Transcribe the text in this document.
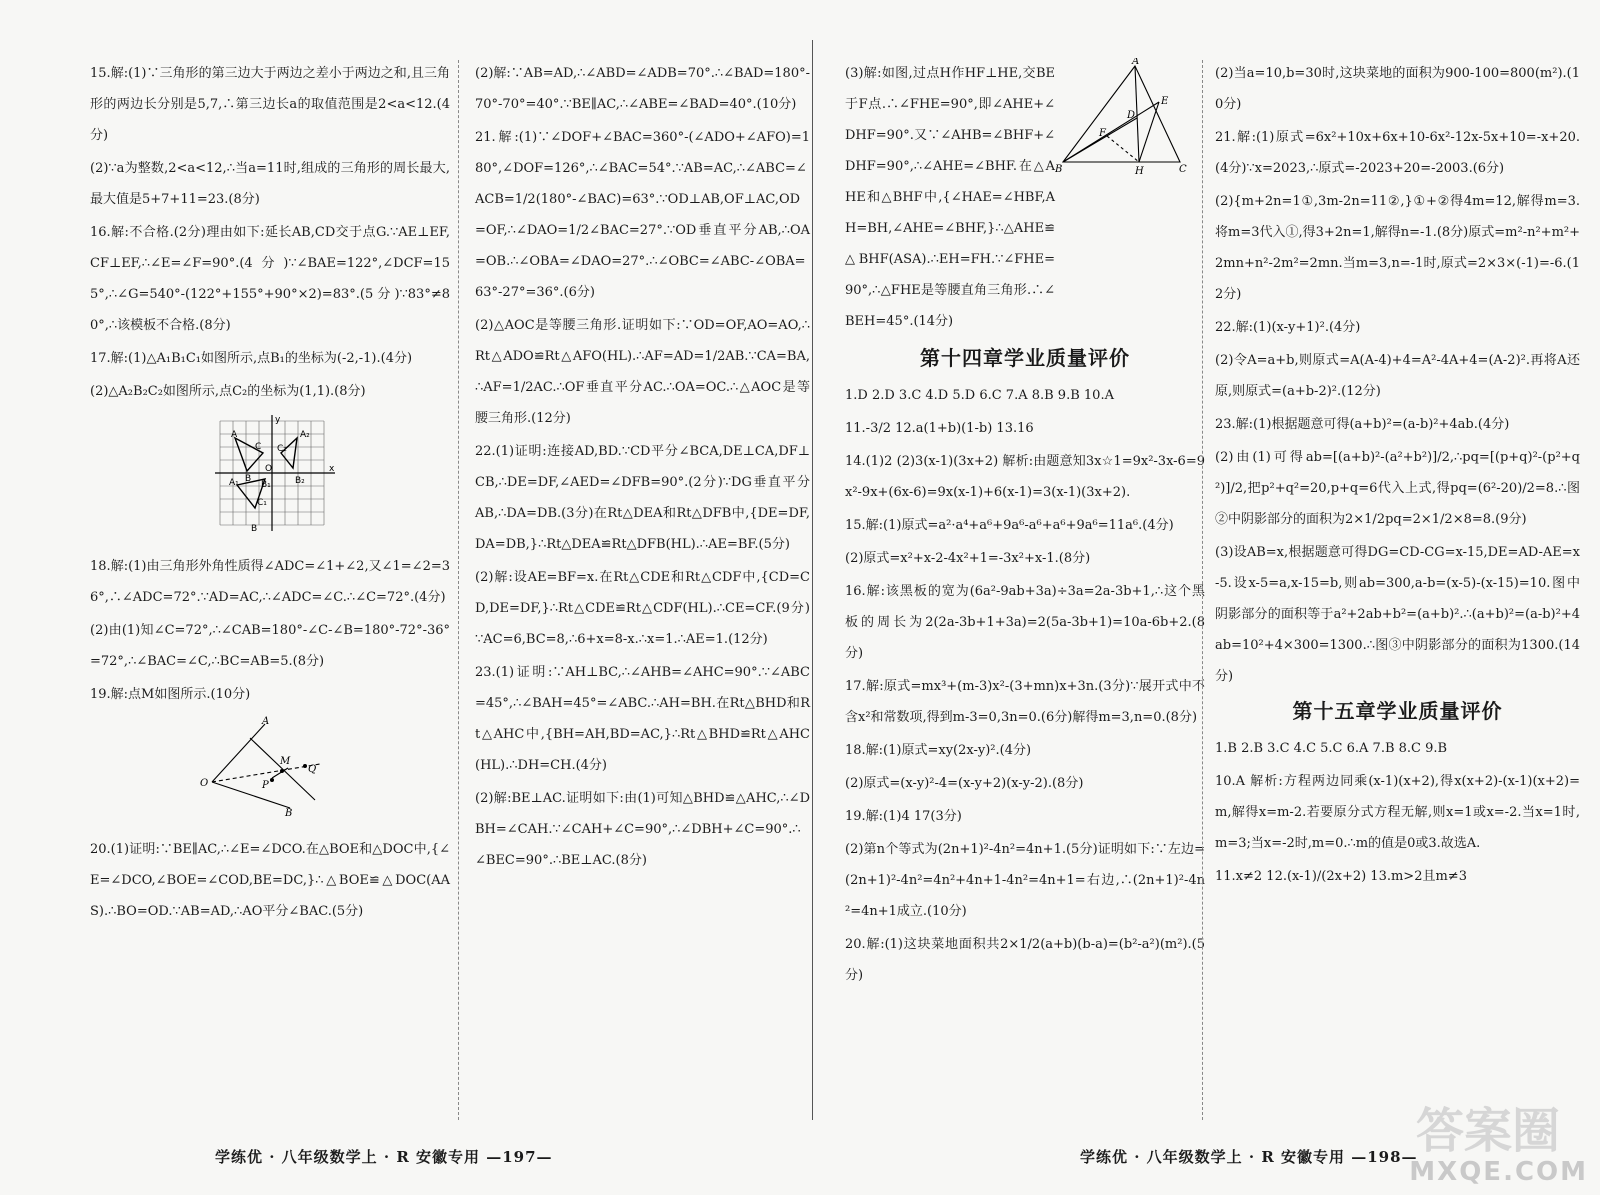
15.解:(1)∵三角形的第三边大于两边之差小于两边之和,且三角形的两边长分别是5,7,∴第三边长a的取值范围是2<a<12.(4分)

(2)∵a为整数,2<a<12,∴当a=11时,组成的三角形的周长最大,最大值是5+7+11=23.(8分)

16.解:不合格.(2分)理由如下:延长AB,CD交于点G.∵AE⊥EF,CF⊥EF,∴∠E=∠F=90°.(4分)∵∠BAE=122°,∠DCF=155°,∴∠G=540°-(122°+155°+90°×2)=83°.(5分)∵83°≠80°,∴该模板不合格.(8分)

17.解:(1)△A₁B₁C₁如图所示,点B₁的坐标为(-2,-1).(4分)

(2)△A₂B₂C₂如图所示,点C₂的坐标为(1,1).(8分)

y
A
C
B
A₂
C₂
B₂
A₁ B₁
C₁
O	x
B

18.解:(1)由三角形外角性质得∠ADC=∠1+∠2,又∠1=∠2=36°,∴∠ADC=72°.∵AD=AC,∴∠ADC=∠C.∴∠C=72°.(4分)

(2)由(1)知∠C=72°,∴∠CAB=180°-∠C-∠B=180°-72°-36°=72°,∴∠BAC=∠C,∴BC=AB=5.(8分)

19.解:点M如图所示.(10分)

A
O
M
Q
P
B

20.(1)证明:∵BE∥AC,∴∠E=∠DCO.在△BOE和△DOC中,{∠E=∠DCO,∠BOE=∠COD,BE=DC,}∴△BOE≌△DOC(AAS).∴BO=OD.∵AB=AD,∴AO平分∠BAC.(5分)

(2)解:∵AB=AD,∴∠ABD=∠ADB=70°.∴∠BAD=180°-70°-70°=40°.∵BE∥AC,∴∠ABE=∠BAD=40°.(10分)

21.解:(1)∵∠DOF+∠BAC=360°-(∠ADO+∠AFO)=180°,∠DOF=126°,∴∠BAC=54°.∵AB=AC,∴∠ABC=∠ACB=1/2(180°-∠BAC)=63°.∵OD⊥AB,OF⊥AC,OD=OF,∴∠DAO=1/2∠BAC=27°.∵OD垂直平分AB,∴OA=OB.∴∠OBA=∠DAO=27°.∴∠OBC=∠ABC-∠OBA=63°-27°=36°.(6分)

(2)△AOC是等腰三角形.证明如下:∵OD=OF,AO=AO,∴Rt△ADO≌Rt△AFO(HL).∴AF=AD=1/2AB.∵CA=BA,∴AF=1/2AC.∴OF垂直平分AC.∴OA=OC.∴△AOC是等腰三角形.(12分)

22.(1)证明:连接AD,BD.∵CD平分∠BCA,DE⊥CA,DF⊥CB,∴DE=DF,∠AED=∠DFB=90°.(2分)∵DG垂直平分AB,∴DA=DB.(3分)在Rt△DEA和Rt△DFB中,{DE=DF,DA=DB,}∴Rt△DEA≌Rt△DFB(HL).∴AE=BF.(5分)

(2)解:设AE=BF=x.在Rt△CDE和Rt△CDF中,{CD=CD,DE=DF,}∴Rt△CDE≌Rt△CDF(HL).∴CE=CF.(9分)∵AC=6,BC=8,∴6+x=8-x.∴x=1.∴AE=1.(12分)

23.(1)证明:∵AH⊥BC,∴∠AHB=∠AHC=90°.∵∠ABC=45°,∴∠BAH=45°=∠ABC.∴AH=BH.在Rt△BHD和Rt△AHC中,{BH=AH,BD=AC,}∴Rt△BHD≌Rt△AHC(HL).∴DH=CH.(4分)

(2)解:BE⊥AC.证明如下:由(1)可知△BHD≌△AHC,∴∠DBH=∠CAH.∵∠CAH+∠C=90°,∴∠DBH+∠C=90°.∴∠BEC=90°.∴BE⊥AC.(8分)

学练优 · 八年级数学上 · R 安徽专用 —197—

(3)解:如图,过点H作HF⊥HE,交BE于F点.∴∠FHE=90°,即∠AHE+∠DHF=90°.又∵∠AHB=∠BHF+∠DHF=90°,∴∠AHE=∠BHF.在△AHE和△BHF中,{∠HAE=∠HBF,AH=BH,∠AHE=∠BHF,}∴△AHE≌△BHF(ASA).∴EH=FH.∵∠FHE=90°,∴△FHE是等腰直角三角形.∴∠BEH=45°.(14分)

A
D
E
F
B	H	C
第十四章学业质量评价

1.D 2.D 3.C 4.D 5.D 6.C 7.A 8.B 9.B 10.A

11.-3/2 12.a(1+b)(1-b) 13.16

14.(1)2 (2)3(x-1)(3x+2) 解析:由题意知3x☆1=9x²-3x-6=9x²-9x+(6x-6)=9x(x-1)+6(x-1)=3(x-1)(3x+2).

15.解:(1)原式=a²·a⁴+a⁶+9a⁶-a⁶+a⁶+9a⁶=11a⁶.(4分)

(2)原式=x²+x-2-4x²+1=-3x²+x-1.(8分)

16.解:该黑板的宽为(6a²-9ab+3a)÷3a=2a-3b+1,∴这个黑板的周长为2(2a-3b+1+3a)=2(5a-3b+1)=10a-6b+2.(8分)

17.解:原式=mx³+(m-3)x²-(3+mn)x+3n.(3分)∵展开式中不含x²和常数项,得到m-3=0,3n=0.(6分)解得m=3,n=0.(8分)

18.解:(1)原式=xy(2x-y)².(4分)

(2)原式=(x-y)²-4=(x-y+2)(x-y-2).(8分)

19.解:(1)4 17(3分)

(2)第n个等式为(2n+1)²-4n²=4n+1.(5分)证明如下:∵左边=(2n+1)²-4n²=4n²+4n+1-4n²=4n+1=右边,∴(2n+1)²-4n²=4n+1成立.(10分)

20.解:(1)这块菜地面积共2×1/2(a+b)(b-a)=(b²-a²)(m²).(5分)

(2)当a=10,b=30时,这块菜地的面积为900-100=800(m²).(10分)

21.解:(1)原式=6x²+10x+6x+10-6x²-12x-5x+10=-x+20.(4分)∵x=2023,∴原式=-2023+20=-2003.(6分)

(2){m+2n=1①,3m-2n=11②,}①+②得4m=12,解得m=3.将m=3代入①,得3+2n=1,解得n=-1.(8分)原式=m²-n²+m²+2mn+n²-2m²=2mn.当m=3,n=-1时,原式=2×3×(-1)=-6.(12分)

22.解:(1)(x-y+1)².(4分)

(2)令A=a+b,则原式=A(A-4)+4=A²-4A+4=(A-2)².再将A还原,则原式=(a+b-2)².(12分)

23.解:(1)根据题意可得(a+b)²=(a-b)²+4ab.(4分)

(2)由(1)可得ab=[(a+b)²-(a²+b²)]/2,∴pq=[(p+q)²-(p²+q²)]/2,把p²+q²=20,p+q=6代入上式,得pq=(6²-20)/2=8.∴图②中阴影部分的面积为2×1/2pq=2×1/2×8=8.(9分)

(3)设AB=x,根据题意可得DG=CD-CG=x-15,DE=AD-AE=x-5.设x-5=a,x-15=b,则ab=300,a-b=(x-5)-(x-15)=10.图中阴影部分的面积等于a²+2ab+b²=(a+b)².∴(a+b)²=(a-b)²+4ab=10²+4×300=1300.∴图③中阴影部分的面积为1300.(14分)

第十五章学业质量评价

1.B 2.B 3.C 4.C 5.C 6.A 7.B 8.C 9.B

10.A 解析:方程两边同乘(x-1)(x+2),得x(x+2)-(x-1)(x+2)=m,解得x=m-2.若要原分式方程无解,则x=1或x=-2.当x=1时,m=3;当x=-2时,m=0.∴m的值是0或3.故选A.

11.x≠2 12.(x-1)/(2x+2) 13.m>2且m≠3

学练优 · 八年级数学上 · R 安徽专用 —198—
答案圈
MXQE.COM
